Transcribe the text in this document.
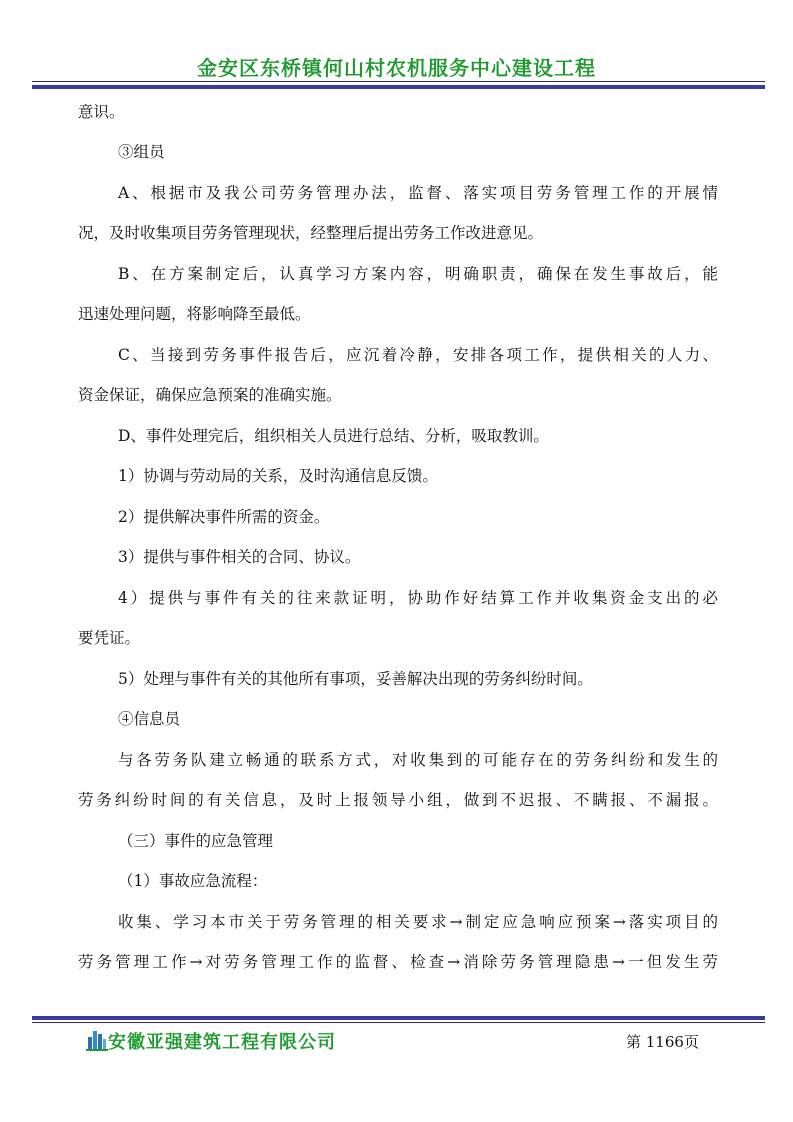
金安区东桥镇何山村农机服务中心建设工程
意识。
③组员
A、根据市及我公司劳务管理办法，监督、落实项目劳务管理工作的开展情
况，及时收集项目劳务管理现状，经整理后提出劳务工作改进意见。
B、在方案制定后，认真学习方案内容，明确职责，确保在发生事故后，能
迅速处理问题，将影响降至最低。
C、当接到劳务事件报告后，应沉着冷静，安排各项工作，提供相关的人力、
资金保证，确保应急预案的准确实施。
D、事件处理完后，组织相关人员进行总结、分析，吸取教训。
1）协调与劳动局的关系，及时沟通信息反馈。
2）提供解决事件所需的资金。
3）提供与事件相关的合同、协议。
4）提供与事件有关的往来款证明，协助作好结算工作并收集资金支出的必
要凭证。
5）处理与事件有关的其他所有事项，妥善解决出现的劳务纠纷时间。
④信息员
与各劳务队建立畅通的联系方式，对收集到的可能存在的劳务纠纷和发生的
劳务纠纷时间的有关信息，及时上报领导小组，做到不迟报、不瞒报、不漏报。
（三）事件的应急管理
（1）事故应急流程：
收集、学习本市关于劳务管理的相关要求→制定应急响应预案→落实项目的
劳务管理工作→对劳务管理工作的监督、检查→消除劳务管理隐患→一但发生劳
安徽亚强建筑工程有限公司	第 1166页
